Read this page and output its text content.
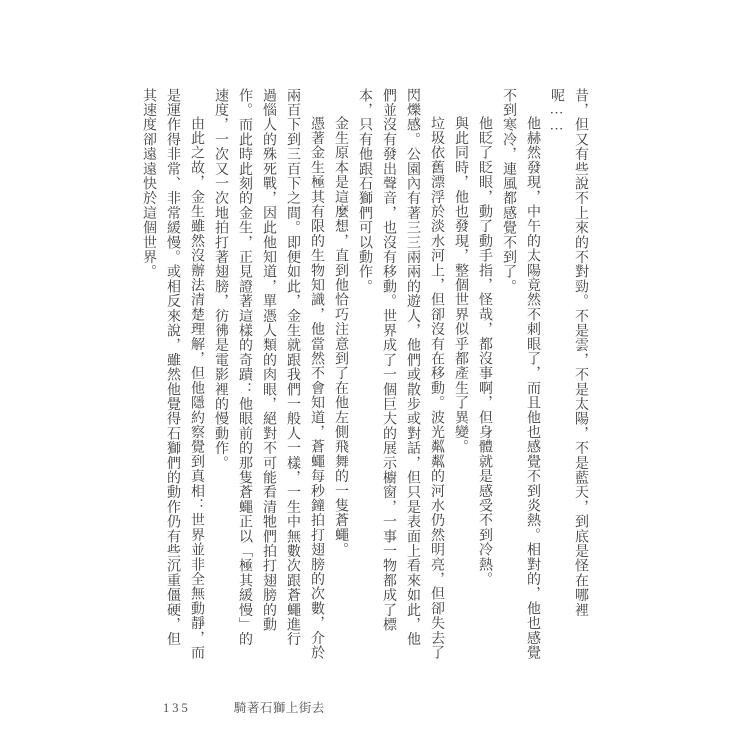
昔，但又有些說不上來的不對勁。不是雲，不是太陽，不是藍天，到底是怪在哪裡呢……

他赫然發現，中午的太陽竟然不刺眼了，而且他也感覺不到炎熱。相對的，他也感覺不到寒冷，連風都感覺不到了。

他眨了眨眼，動了動手指，怪哉，都沒事啊，但身體就是感受不到冷熱。

與此同時，他也發現，整個世界似乎都產生了異變。

垃圾依舊漂浮於淡水河上，但卻沒有在移動。波光粼粼的河水仍然明亮，但卻失去了閃爍感。公園內有著三三兩兩的遊人，他們或散步或對話，但只是表面上看來如此，他們並沒有發出聲音，也沒有移動。世界成了一個巨大的展示櫥窗，一事一物都成了標本，只有他跟石獅們可以動作。

金生原本是這麼想，直到他恰巧注意到了在他左側飛舞的一隻蒼蠅。

憑著金生極其有限的生物知識，他當然不會知道，蒼蠅每秒鐘拍打翅膀的次數，介於兩百下到三百下之間。即便如此，金生就跟我們一般人一樣，一生中無數次跟蒼蠅進行過惱人的殊死戰，因此他知道，單憑人類的肉眼，絕對不可能看清牠們拍打翅膀的動作。而此時此刻的金生，正見證著這樣的奇蹟：他眼前的那隻蒼蠅正以「極其緩慢」的速度，一次又一次地拍打著翅膀，彷彿是電影裡的慢動作。

由此之故，金生雖然沒辦法清楚理解，但他隱約察覺到真相：世界並非全無動靜，而是運作得非常、非常緩慢。或相反來說，雖然他覺得石獅們的動作仍有些沉重僵硬，但其速度卻遠遠快於這個世界。

135	騎著石獅上街去
